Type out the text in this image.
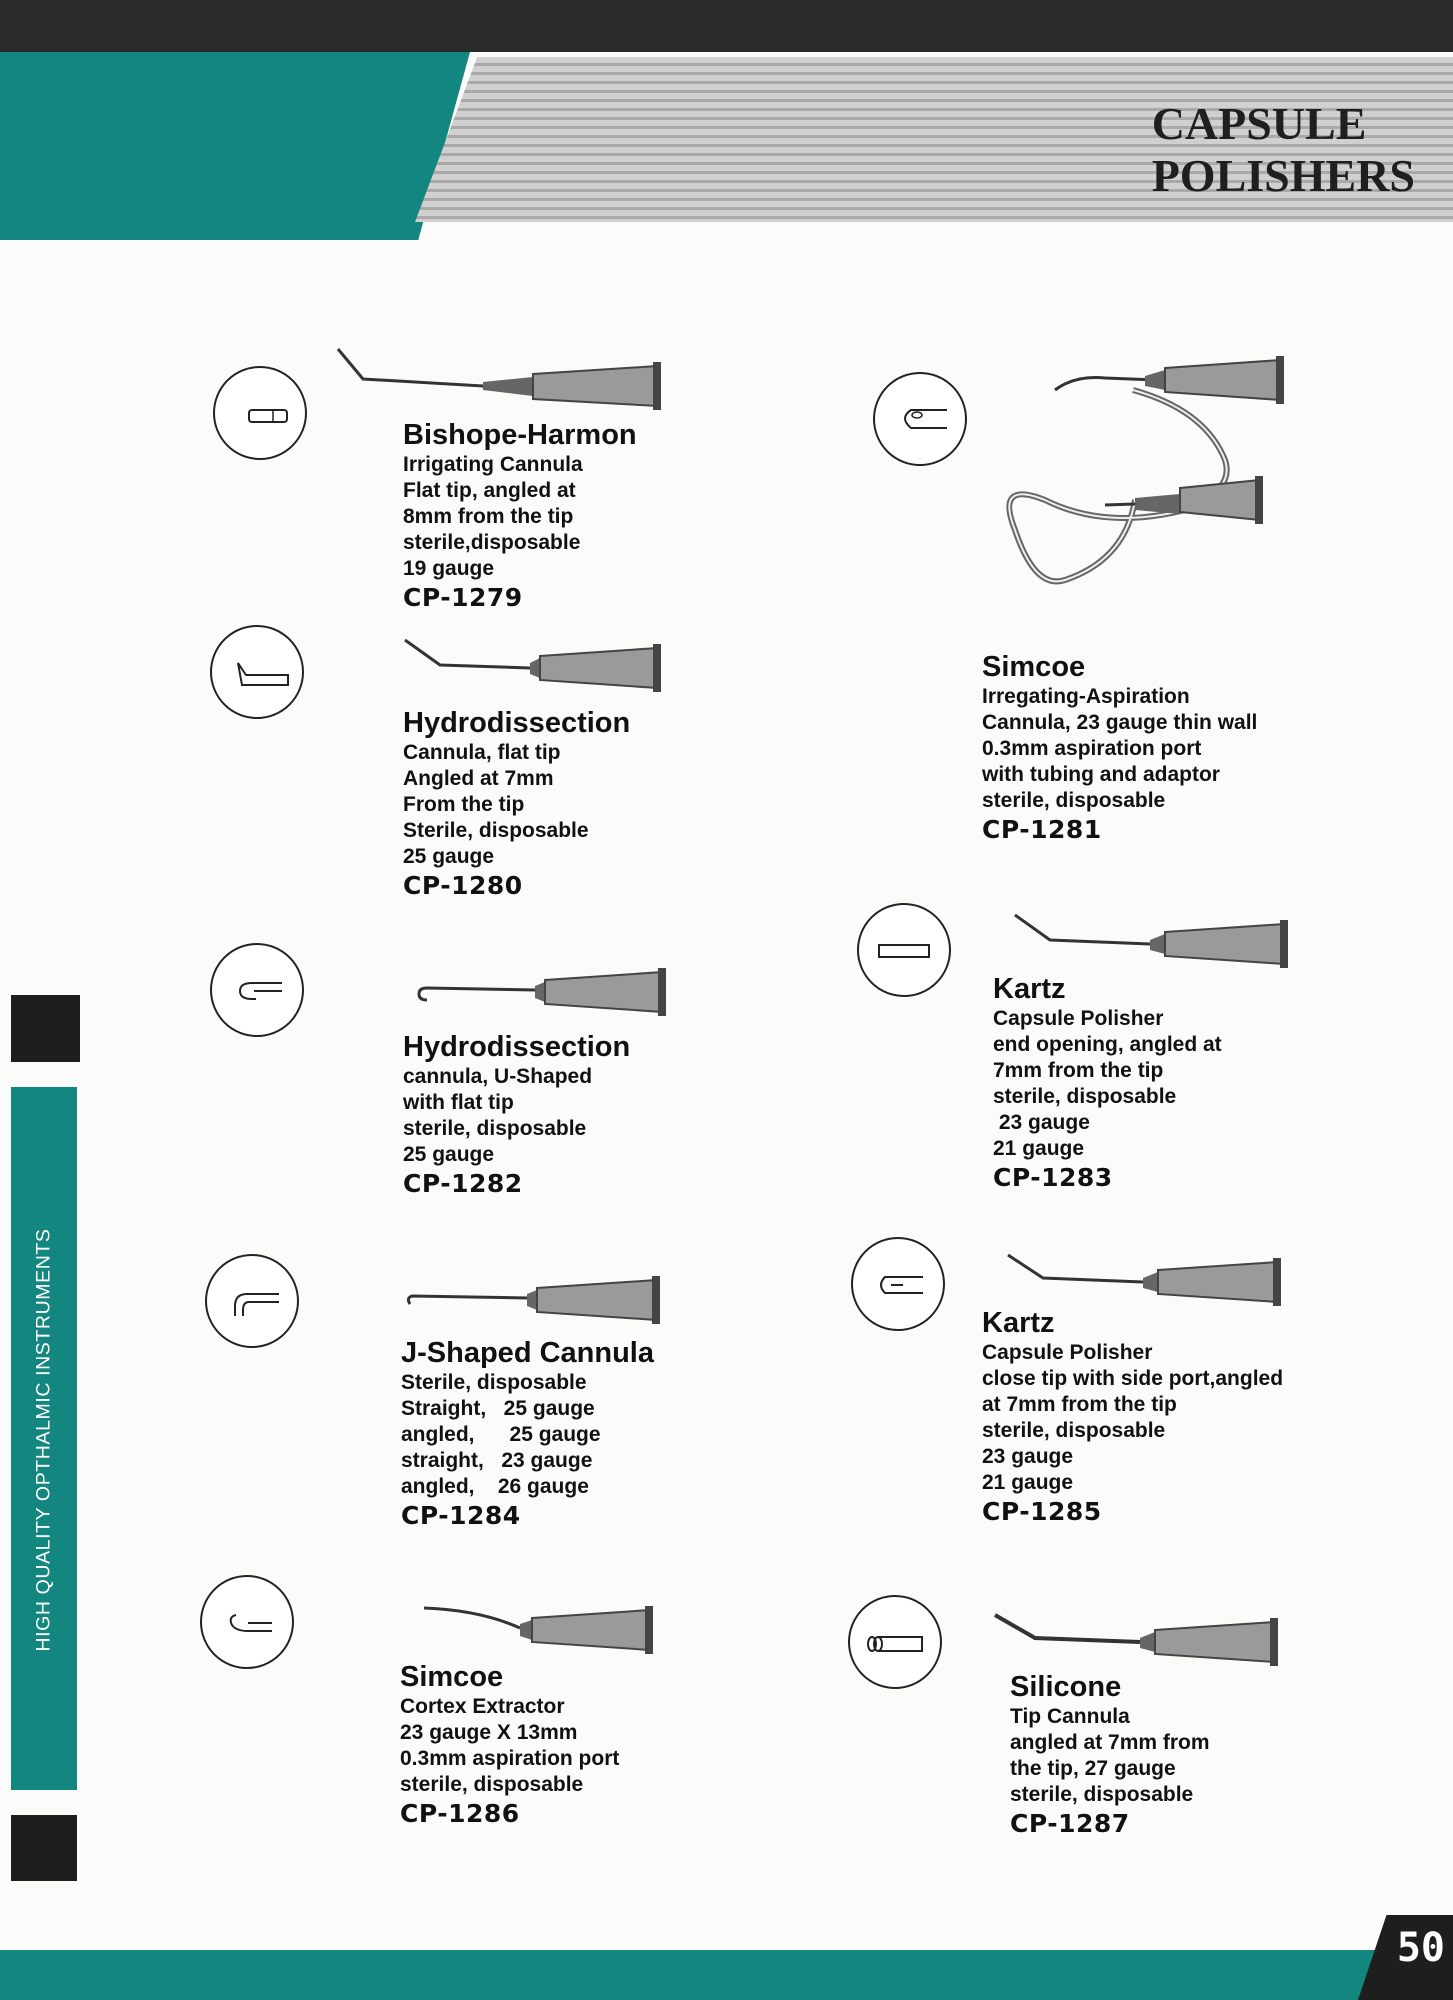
CAPSULE
POLISHERS
HIGH QUALITY OPTHALMIC INSTRUMENTS
50
Bishope-Harmon
Irrigating Cannula
Flat tip, angled at
8mm from the tip
sterile,disposable
19 gauge
CP-1279
Hydrodissection
Cannula, flat tip
Angled at 7mm
From the tip
Sterile, disposable
25 gauge
CP-1280
Hydrodissection
cannula, U-Shaped
with flat tip
sterile, disposable
25 gauge
CP-1282
J-Shaped Cannula
Sterile, disposable
Straight,   25 gauge
angled,      25 gauge
straight,   23 gauge
angled,    26 gauge
CP-1284
Simcoe
Cortex Extractor
23 gauge X 13mm
0.3mm aspiration port
sterile, disposable
CP-1286
Simcoe
Irregating-Aspiration
Cannula, 23 gauge thin wall
0.3mm aspiration port
with tubing and adaptor
sterile, disposable
CP-1281
Kartz
Capsule Polisher
end opening, angled at
7mm from the tip
sterile, disposable
23 gauge
21 gauge
CP-1283
Kartz
Capsule Polisher
close tip with side port,angled
at 7mm from the tip
sterile, disposable
23 gauge
21 gauge
CP-1285
Silicone
Tip Cannula
angled at 7mm from
the tip, 27 gauge
sterile, disposable
CP-1287
